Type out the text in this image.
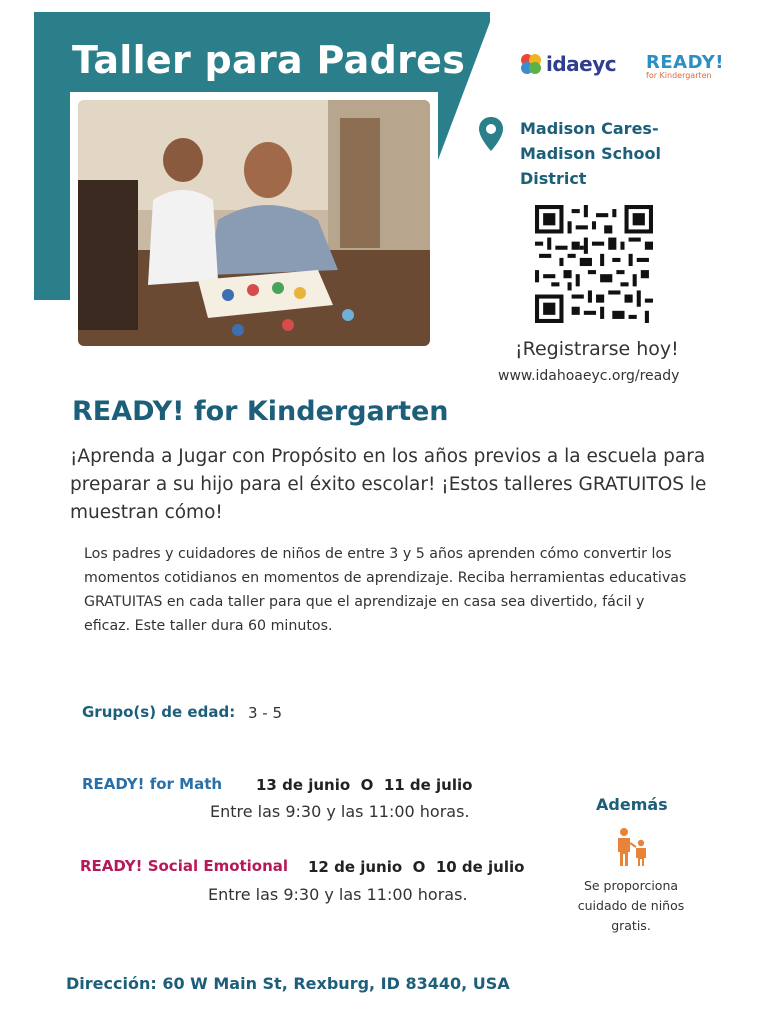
Taller para Padres	idaeyc READY!
for Kindergarten
Madison Cares-
Madison School
District
¡Registrarse hoy!
www.idahoaeyc.org/ready
READY! for Kindergarten
¡Aprenda a Jugar con Propósito en los años previos a la escuela para preparar a su hijo para el éxito escolar! ¡Estos talleres GRATUITOS le muestran cómo!
Los padres y cuidadores de niños de entre 3 y 5 años aprenden cómo convertir los momentos cotidianos en momentos de aprendizaje. Reciba herramientas educativas GRATUITAS en cada taller para que el aprendizaje en casa sea divertido, fácil y eficaz. Este taller dura 60 minutos.
Grupo(s) de edad: 3 - 5
READY! for Math 13 de junio  O  11 de julio
Entre las 9:30 y las 11:00 horas.
READY! Social Emotional 12 de junio  O  10 de julio
Entre las 9:30 y las 11:00 horas.
Además
Se proporciona cuidado de niños gratis.
Dirección: 60 W Main St, Rexburg, ID 83440, USA
